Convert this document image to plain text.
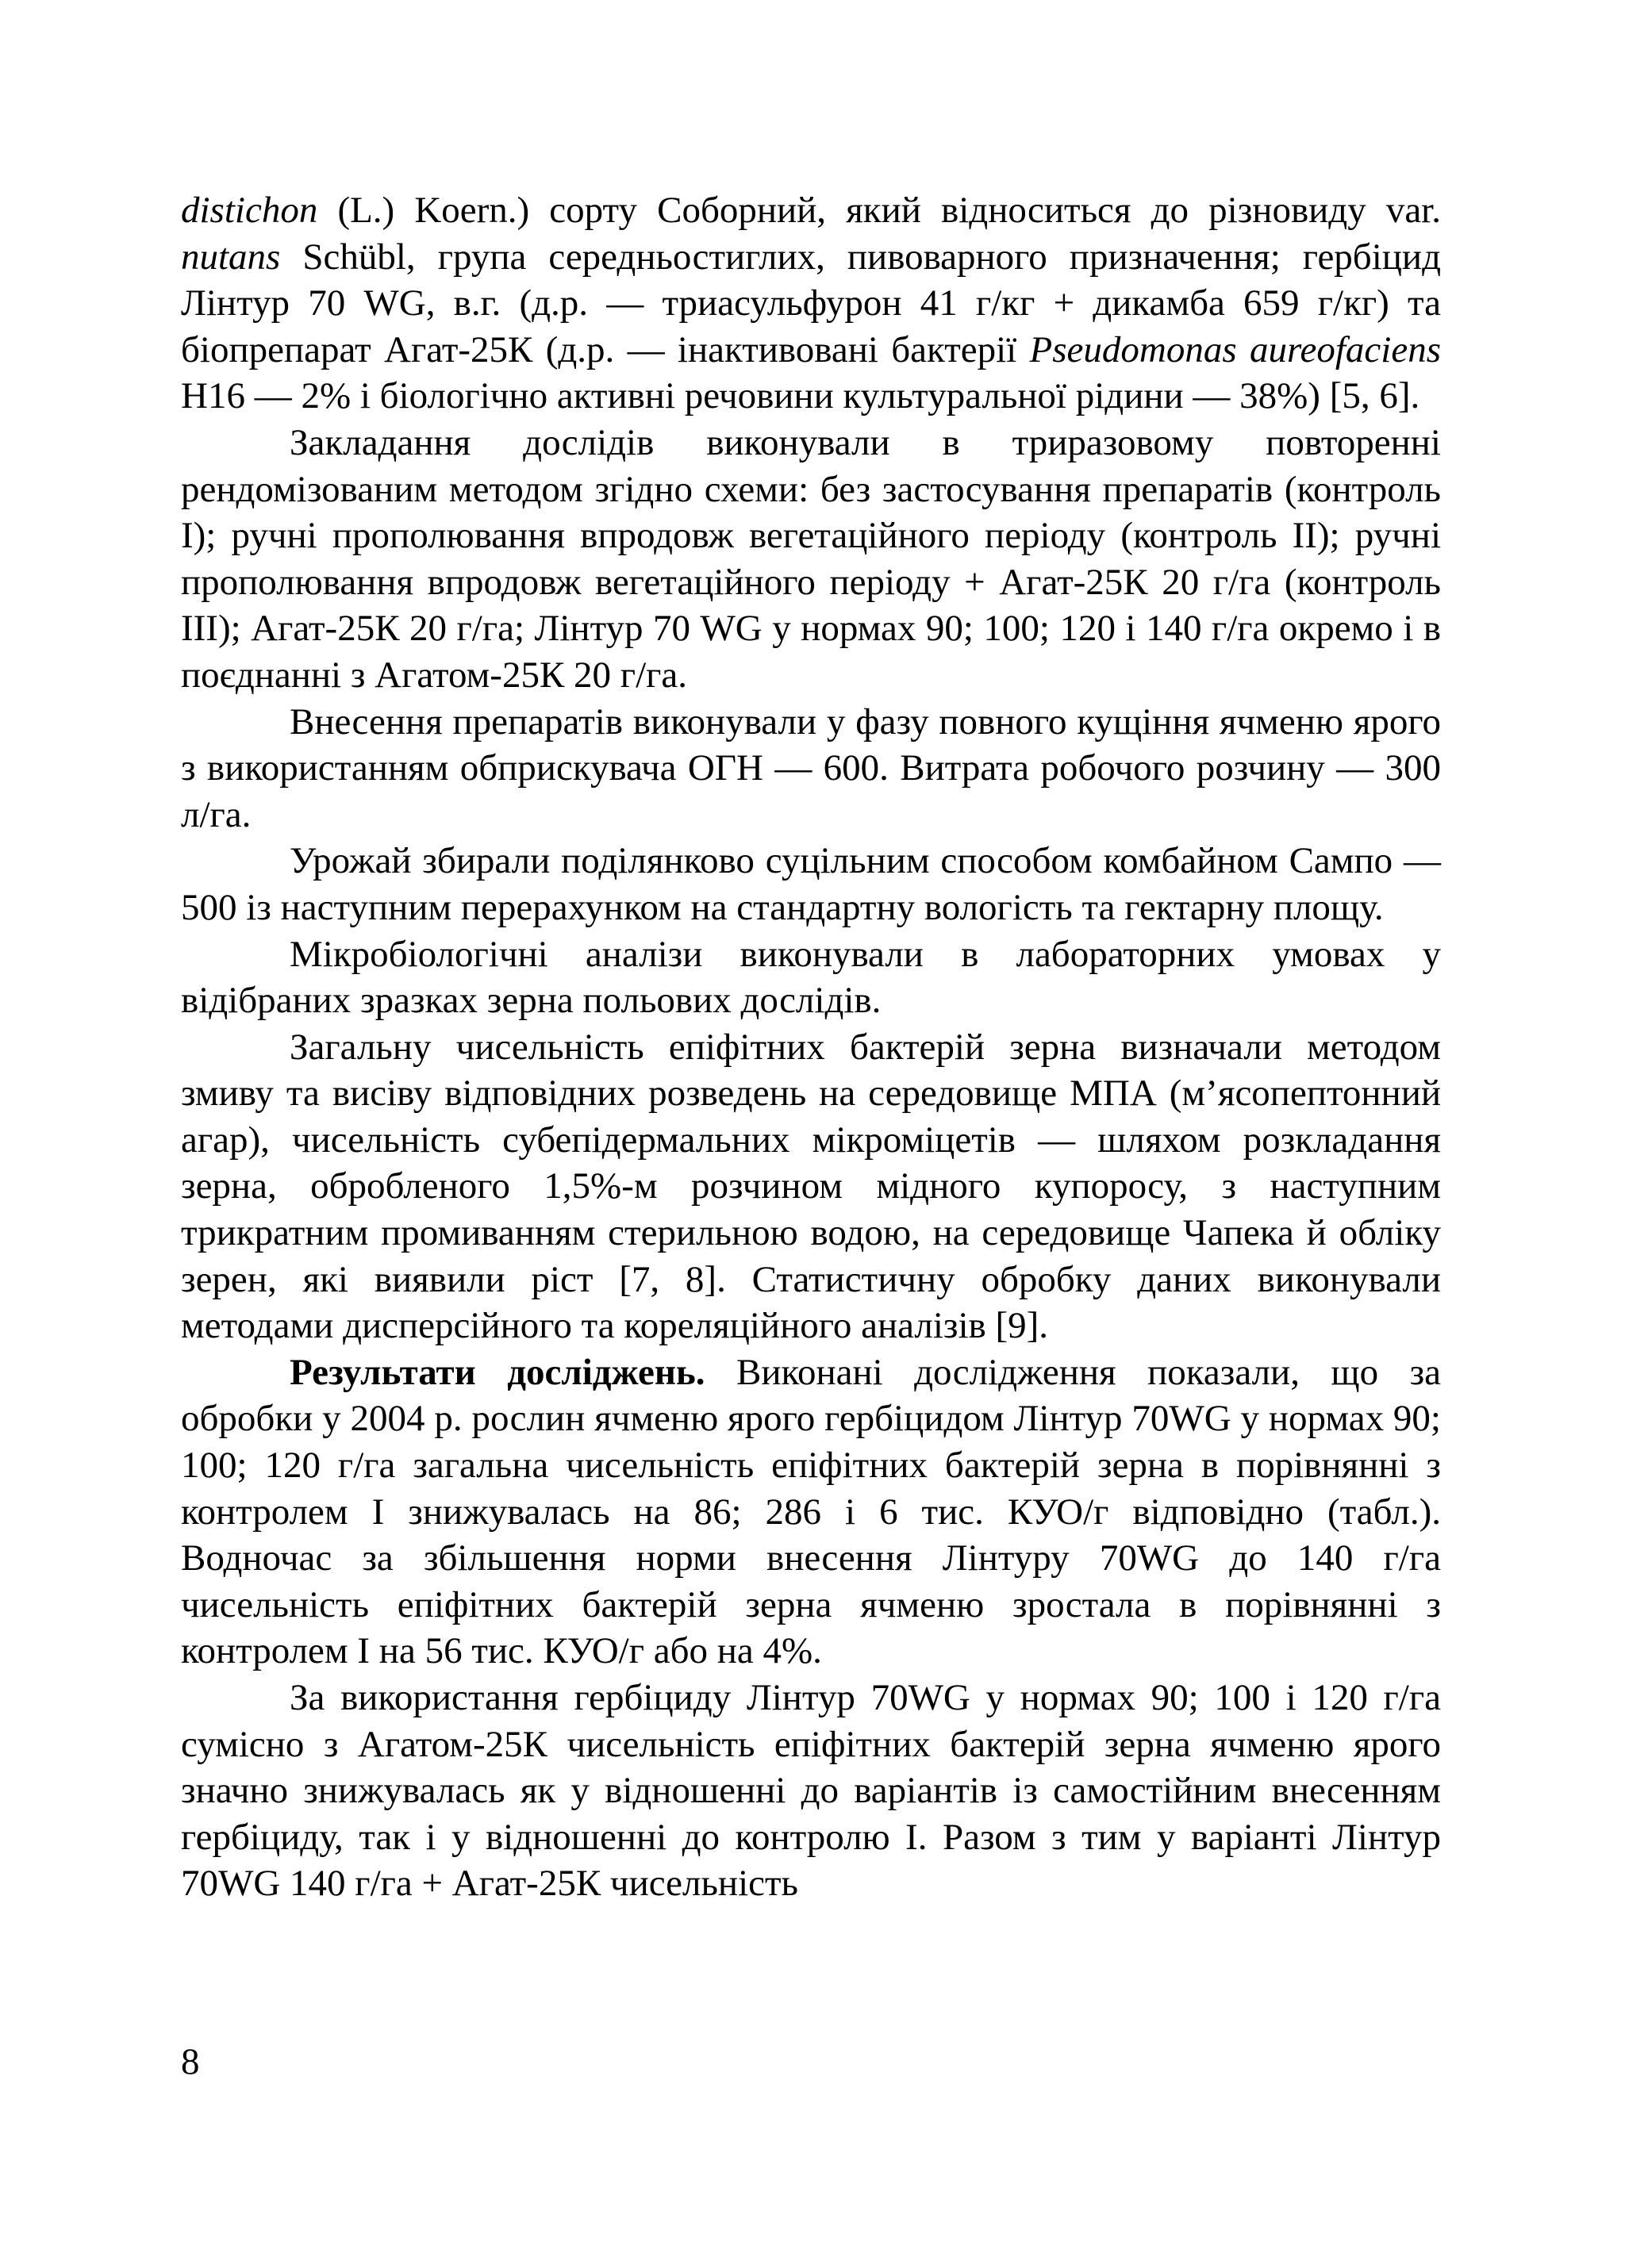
distichon (L.) Koern.) сорту Соборний, який відноситься до різновиду var. nutans Schübl, група середньостиглих, пивоварного призначення; гербіцид Лінтур 70 WG, в.г. (д.р. — триасульфурон 41 г/кг + дикамба 659 г/кг) та біопрепарат Агат-25К (д.р. — інактивовані бактерії Pseudomonas aureofaciens Н16 — 2% і біологічно активні речовини культуральної рідини — 38%) [5, 6].

Закладання дослідів виконували в триразовому повторенні рендомізованим методом згідно схеми: без застосування препаратів (контроль I); ручні прополювання впродовж вегетаційного періоду (контроль II); ручні прополювання впродовж вегетаційного періоду + Агат-25К 20 г/га (контроль III); Агат-25К 20 г/га; Лінтур 70 WG у нормах 90; 100; 120 і 140 г/га окремо і в поєднанні з Агатом-25К 20 г/га.

Внесення препаратів виконували у фазу повного кущіння ячменю ярого з використанням обприскувача ОГН — 600. Витрата робочого розчину — 300 л/га.

Урожай збирали поділянково суцільним способом комбайном Сампо — 500 із наступним перерахунком на стандартну вологість та гектарну площу.

Мікробіологічні аналізи виконували в лабораторних умовах у відібраних зразках зерна польових дослідів.

Загальну чисельність епіфітних бактерій зерна визначали методом змиву та висіву відповідних розведень на середовище МПА (м’ясопептонний агар), чисельність субепідермальних мікроміцетів — шляхом розкладання зерна, обробленого 1,5%-м розчином мідного купоросу, з наступним трикратним промиванням стерильною водою, на середовище Чапека й обліку зерен, які виявили ріст [7, 8]. Статистичну обробку даних виконували методами дисперсійного та кореляційного аналізів [9].

Результати досліджень. Виконані дослідження показали, що за обробки у 2004 р. рослин ячменю ярого гербіцидом Лінтур 70WG у нормах 90; 100; 120 г/га загальна чисельність епіфітних бактерій зерна в порівнянні з контролем I знижувалась на 86; 286 і 6 тис. КУО/г відповідно (табл.). Водночас за збільшення норми внесення Лінтуру 70WG до 140 г/га чисельність епіфітних бактерій зерна ячменю зростала в порівнянні з контролем I на 56 тис. КУО/г або на 4%.

За використання гербіциду Лінтур 70WG у нормах 90; 100 і 120 г/га сумісно з Агатом-25К чисельність епіфітних бактерій зерна ячменю ярого значно знижувалась як у відношенні до варіантів із самостійним внесенням гербіциду, так і у відношенні до контролю I. Разом з тим у варіанті Лінтур 70WG 140 г/га + Агат-25К чисельність

8
